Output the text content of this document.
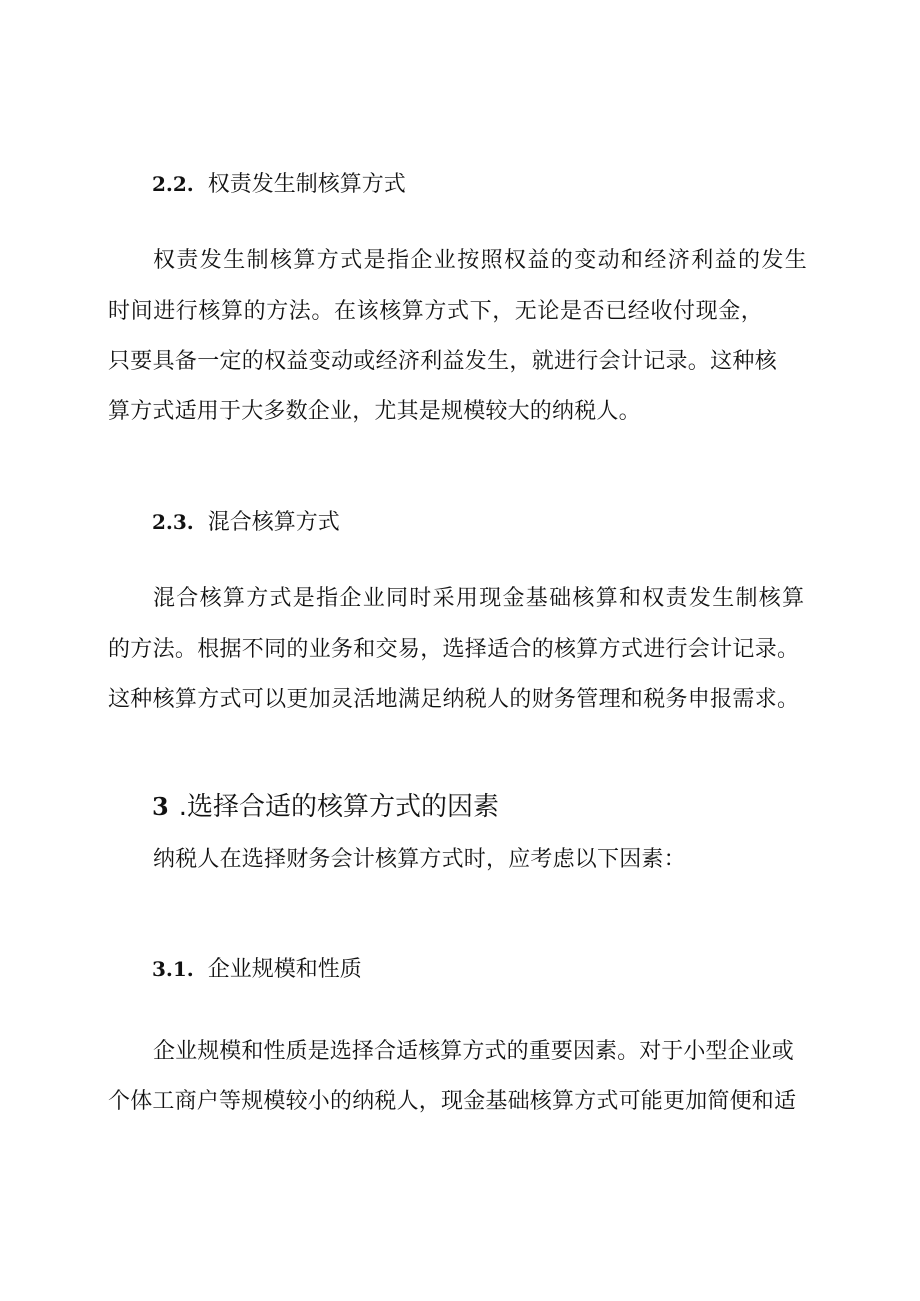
2.2. 权责发生制核算方式
权责发生制核算方式是指企业按照权益的变动和经济利益的发生
时间进行核算的方法。在该核算方式下，无论是否已经收付现金，
只要具备一定的权益变动或经济利益发生，就进行会计记录。这种核
算方式适用于大多数企业，尤其是规模较大的纳税人。
2.3. 混合核算方式
混合核算方式是指企业同时采用现金基础核算和权责发生制核算
的方法。根据不同的业务和交易，选择适合的核算方式进行会计记录。
这种核算方式可以更加灵活地满足纳税人的财务管理和税务申报需求。
3 .选择合适的核算方式的因素
纳税人在选择财务会计核算方式时，应考虑以下因素：
3.1. 企业规模和性质
企业规模和性质是选择合适核算方式的重要因素。对于小型企业或
个体工商户等规模较小的纳税人，现金基础核算方式可能更加简便和适
